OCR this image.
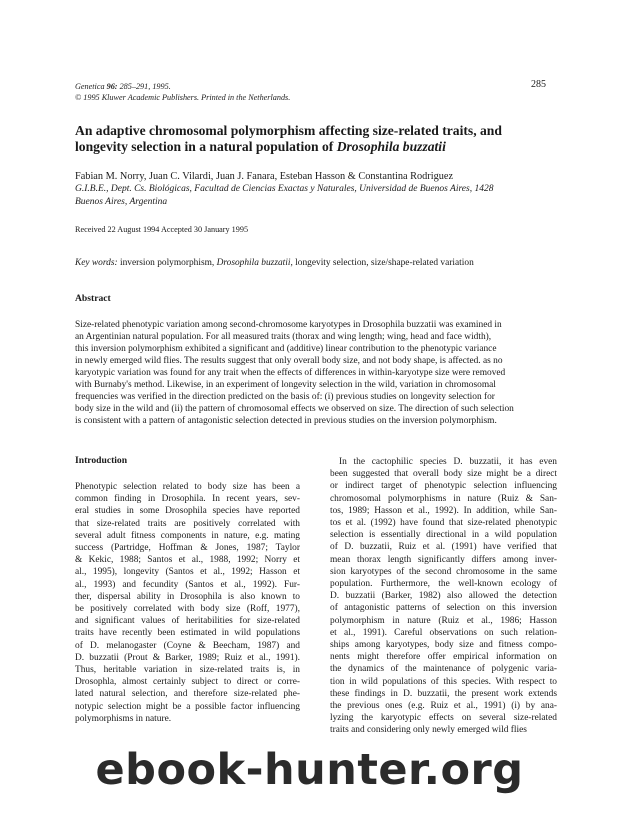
Genetica 96: 285–291, 1995.
© 1995 Kluwer Academic Publishers. Printed in the Netherlands.
285
An adaptive chromosomal polymorphism affecting size-related traits, and
longevity selection in a natural population of Drosophila buzzatii
Fabian M. Norry, Juan C. Vilardi, Juan J. Fanara, Esteban Hasson & Constantina Rodriguez
G.I.B.E., Dept. Cs. Biológicas, Facultad de Ciencias Exactas y Naturales, Universidad de Buenos Aires, 1428
Buenos Aires, Argentina
Received 22 August 1994 Accepted 30 January 1995
Key words: inversion polymorphism, Drosophila buzzatii, longevity selection, size/shape-related variation
Abstract
Size-related phenotypic variation among second-chromosome karyotypes in Drosophila buzzatii was examined in
an Argentinian natural population. For all measured traits (thorax and wing length; wing, head and face width),
this inversion polymorphism exhibited a significant and (additive) linear contribution to the phenotypic variance
in newly emerged wild flies. The results suggest that only overall body size, and not body shape, is affected. as no
karyotypic variation was found for any trait when the effects of differences in within-karyotype size were removed
with Burnaby's method. Likewise, in an experiment of longevity selection in the wild, variation in chromosomal
frequencies was verified in the direction predicted on the basis of: (i) previous studies on longevity selection for
body size in the wild and (ii) the pattern of chromosomal effects we observed on size. The direction of such selection
is consistent with a pattern of antagonistic selection detected in previous studies on the inversion polymorphism.
Introduction
Phenotypic selection related to body size has been a
common finding in Drosophila. In recent years, sev-
eral studies in some Drosophila species have reported
that size-related traits are positively correlated with
several adult fitness components in nature, e.g. mating
success (Partridge, Hoffman & Jones, 1987; Taylor
& Kekic, 1988; Santos et al., 1988, 1992; Norry et
al., 1995), longevity (Santos et al., 1992; Hasson et
al., 1993) and fecundity (Santos et al., 1992). Fur-
ther, dispersal ability in Drosophila is also known to
be positively correlated with body size (Roff, 1977),
and significant values of heritabilities for size-related
traits have recently been estimated in wild populations
of D. melanogaster (Coyne & Beecham, 1987) and
D. buzzatii (Prout & Barker, 1989; Ruiz et al., 1991).
Thus, heritable variation in size-related traits is, in
Drosophla, almost certainly subject to direct or corre-
lated natural selection, and therefore size-related phe-
notypic selection might be a possible factor influencing
polymorphisms in nature.
In the cactophilic species D. buzzatii, it has even
been suggested that overall body size might be a direct
or indirect target of phenotypic selection influencing
chromosomal polymorphisms in nature (Ruiz & San-
tos, 1989; Hasson et al., 1992). In addition, while San-
tos et al. (1992) have found that size-related phenotypic
selection is essentially directional in a wild population
of D. buzzatii, Ruiz et al. (1991) have verified that
mean thorax length significantly differs among inver-
sion karyotypes of the second chromosome in the same
population. Furthermore, the well-known ecology of
D. buzzatii (Barker, 1982) also allowed the detection
of antagonistic patterns of selection on this inversion
polymorphism in nature (Ruiz et al., 1986; Hasson
et al., 1991). Careful observations on such relation-
ships among karyotypes, body size and fitness compo-
nents might therefore offer empirical information on
the dynamics of the maintenance of polygenic varia-
tion in wild populations of this species. With respect to
these findings in D. buzzatii, the present work extends
the previous ones (e.g. Ruiz et al., 1991) (i) by ana-
lyzing the karyotypic effects on several size-related
traits and considering only newly emerged wild flies
ebook-hunter.org
